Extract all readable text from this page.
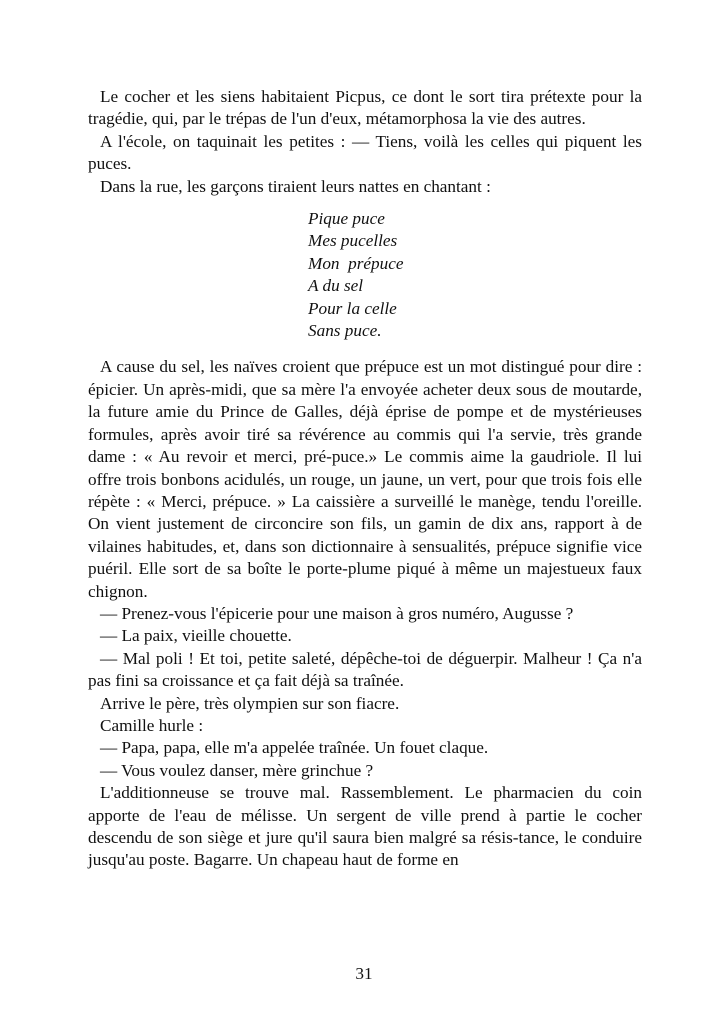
Le cocher et les siens habitaient Picpus, ce dont le sort tira prétexte pour la tragédie, qui, par le trépas de l'un d'eux, métamorphosa la vie des autres.

A l'école, on taquinait les petites : — Tiens, voilà les celles qui piquent les puces.

Dans la rue, les garçons tiraient leurs nattes en chantant :

Pique puce
Mes pucelles
Mon  prépuce
A du sel
Pour la celle
Sans puce.

A cause du sel, les naïves croient que prépuce est un mot distingué pour dire : épicier. Un après-midi, que sa mère l'a envoyée acheter deux sous de moutarde, la future amie du Prince de Galles, déjà éprise de pompe et de mystérieuses formules, après avoir tiré sa révérence au commis qui l'a servie, très grande dame : « Au revoir et merci, pré-puce.» Le commis aime la gaudriole. Il lui offre trois bonbons acidulés, un rouge, un jaune, un vert, pour que trois fois elle répète : « Merci, prépuce. » La caissière a surveillé le manège, tendu l'oreille. On vient justement de circoncire son fils, un gamin de dix ans, rapport à de vilaines habitudes, et, dans son dictionnaire à sensualités, prépuce signifie vice puéril. Elle sort de sa boîte le porte-plume piqué à même un majestueux faux chignon.

— Prenez-vous l'épicerie pour une maison à gros numéro, Augusse ?

— La paix, vieille chouette.

— Mal poli ! Et toi, petite saleté, dépêche-toi de déguerpir. Malheur ! Ça n'a pas fini sa croissance et ça fait déjà sa traînée.

Arrive le père, très olympien sur son fiacre.

Camille hurle :

— Papa, papa, elle m'a appelée traînée. Un fouet claque.

— Vous voulez danser, mère grinchue ?

L'additionneuse se trouve mal. Rassemblement. Le pharmacien du coin apporte de l'eau de mélisse. Un sergent de ville prend à partie le cocher descendu de son siège et jure qu'il saura bien malgré sa résis-tance, le conduire jusqu'au poste. Bagarre. Un chapeau haut de forme en

31
